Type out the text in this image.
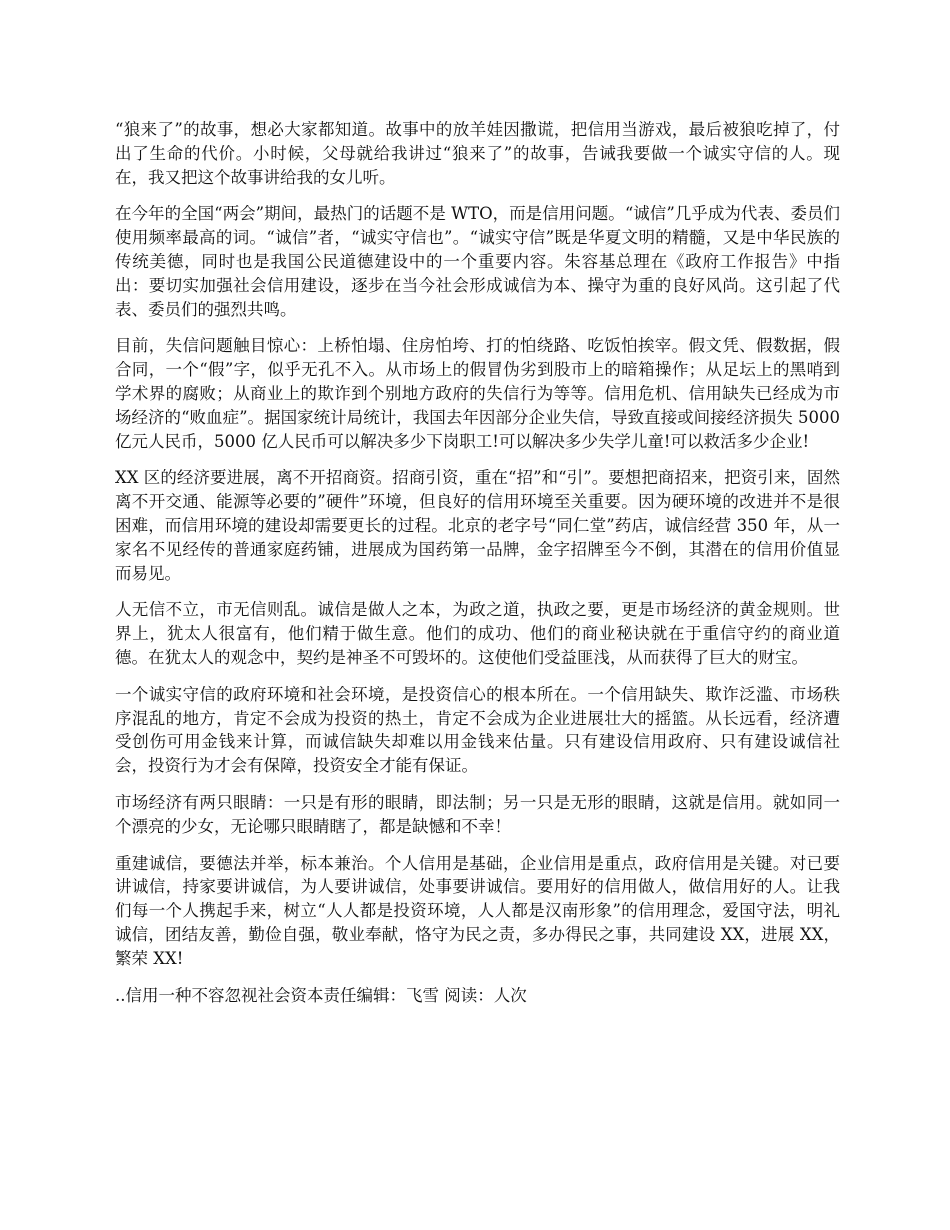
“狼来了”的故事，想必大家都知道。故事中的放羊娃因撒谎，把信用当游戏，最后被狼吃掉了，付出了生命的代价。小时候，父母就给我讲过“狼来了”的故事，告诫我要做一个诚实守信的人。现在，我又把这个故事讲给我的女儿听。

在今年的全国“两会”期间，最热门的话题不是 WTO，而是信用问题。“诚信”几乎成为代表、委员们使用频率最高的词。“诚信”者，“诚实守信也”。“诚实守信”既是华夏文明的精髓，又是中华民族的传统美德，同时也是我国公民道德建设中的一个重要内容。朱容基总理在《政府工作报告》中指出：要切实加强社会信用建设，逐步在当今社会形成诚信为本、操守为重的良好风尚。这引起了代表、委员们的强烈共鸣。

目前，失信问题触目惊心：上桥怕塌、住房怕垮、打的怕绕路、吃饭怕挨宰。假文凭、假数据，假合同，一个“假”字，似乎无孔不入。从市场上的假冒伪劣到股市上的暗箱操作；从足坛上的黑哨到学术界的腐败；从商业上的欺诈到个别地方政府的失信行为等等。信用危机、信用缺失已经成为市场经济的“败血症”。据国家统计局统计，我国去年因部分企业失信，导致直接或间接经济损失 5000 亿元人民币，5000 亿人民币可以解决多少下岗职工!可以解决多少失学儿童!可以救活多少企业!

XX 区的经济要进展，离不开招商资。招商引资，重在“招”和“引”。要想把商招来，把资引来，固然离不开交通、能源等必要的”硬件”环境，但良好的信用环境至关重要。因为硬环境的改进并不是很困难，而信用环境的建设却需要更长的过程。北京的老字号“同仁堂”药店，诚信经营 350 年，从一家名不见经传的普通家庭药铺，进展成为国药第一品牌，金字招牌至今不倒，其潜在的信用价值显而易见。

人无信不立，市无信则乱。诚信是做人之本，为政之道，执政之要，更是市场经济的黄金规则。世界上，犹太人很富有，他们精于做生意。他们的成功、他们的商业秘诀就在于重信守约的商业道德。在犹太人的观念中，契约是神圣不可毁坏的。这使他们受益匪浅，从而获得了巨大的财宝。

一个诚实守信的政府环境和社会环境，是投资信心的根本所在。一个信用缺失、欺诈泛滥、市场秩序混乱的地方，肯定不会成为投资的热土，肯定不会成为企业进展壮大的摇篮。从长远看，经济遭受创伤可用金钱来计算，而诚信缺失却难以用金钱来估量。只有建设信用政府、只有建设诚信社会，投资行为才会有保障，投资安全才能有保证。

市场经济有两只眼睛：一只是有形的眼睛，即法制；另一只是无形的眼睛，这就是信用。就如同一个漂亮的少女，无论哪只眼睛瞎了，都是缺憾和不幸！

重建诚信，要德法并举，标本兼治。个人信用是基础，企业信用是重点，政府信用是关键。对已要讲诚信，持家要讲诚信，为人要讲诚信，处事要讲诚信。要用好的信用做人，做信用好的人。让我们每一个人携起手来，树立“人人都是投资环境，人人都是汉南形象”的信用理念，爱国守法，明礼诚信，团结友善，勤俭自强，敬业奉献，恪守为民之责，多办得民之事，共同建设 XX，进展 XX，繁荣 XX!

..信用一种不容忽视社会资本责任编辑：飞雪 阅读：人次
